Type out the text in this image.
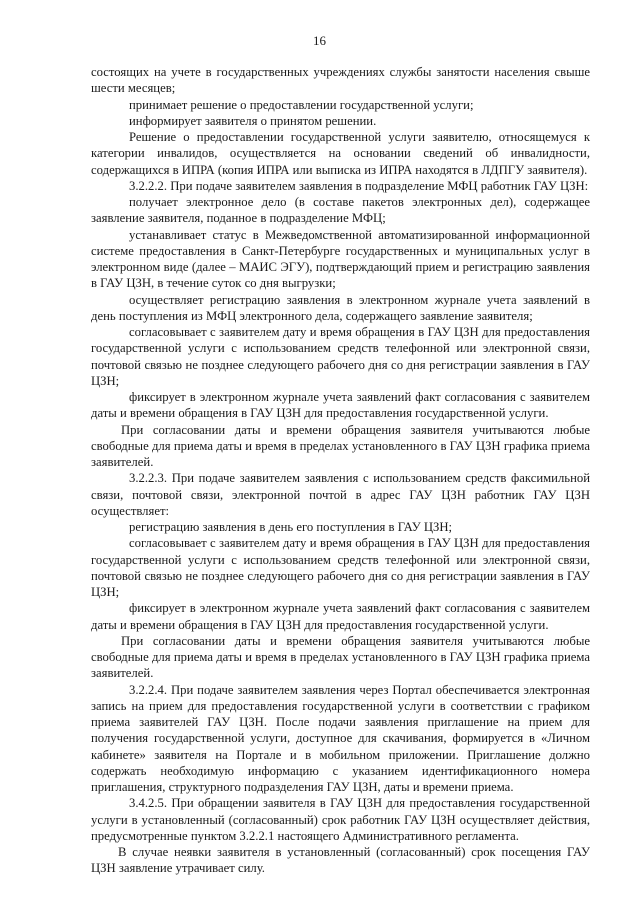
16

состоящих на учете в государственных учреждениях службы занятости населения свыше шести месяцев;

принимает решение о предоставлении государственной услуги;

информирует заявителя о принятом решении.

Решение о предоставлении государственной услуги заявителю, относящемуся к категории инвалидов, осуществляется на основании сведений об инвалидности, содержащихся в ИПРА (копия ИПРА или выписка из ИПРА находятся в ЛДПГУ заявителя).

3.2.2.2. При подаче заявителем заявления в подразделение МФЦ работник ГАУ ЦЗН:

получает электронное дело (в составе пакетов электронных дел), содержащее заявление заявителя, поданное в подразделение МФЦ;

устанавливает статус в Межведомственной автоматизированной информационной системе предоставления в Санкт-Петербурге государственных и муниципальных услуг в электронном виде (далее – МАИС ЭГУ), подтверждающий прием и регистрацию заявления в ГАУ ЦЗН, в течение суток со дня выгрузки;

осуществляет регистрацию заявления в электронном журнале учета заявлений в день поступления из МФЦ электронного дела, содержащего заявление заявителя;

согласовывает с заявителем дату и время обращения в ГАУ ЦЗН для предоставления государственной услуги с использованием средств телефонной или электронной связи, почтовой связью не позднее следующего рабочего дня со дня регистрации заявления в ГАУ ЦЗН;

фиксирует в электронном журнале учета заявлений факт согласования с заявителем даты и времени обращения в ГАУ ЦЗН для предоставления государственной услуги.

При согласовании даты и времени обращения заявителя учитываются любые свободные для приема даты и время в пределах установленного в ГАУ ЦЗН графика приема заявителей.

3.2.2.3. При подаче заявителем заявления с использованием средств факсимильной связи, почтовой связи, электронной почтой в адрес ГАУ ЦЗН работник ГАУ ЦЗН осуществляет:

регистрацию заявления в день его поступления в ГАУ ЦЗН;

согласовывает с заявителем дату и время обращения в ГАУ ЦЗН для предоставления государственной услуги с использованием средств телефонной или электронной связи, почтовой связью не позднее следующего рабочего дня со дня регистрации заявления в ГАУ ЦЗН;

фиксирует в электронном журнале учета заявлений факт согласования с заявителем даты и времени обращения в ГАУ ЦЗН для предоставления государственной услуги.

При согласовании даты и времени обращения заявителя учитываются любые свободные для приема даты и время в пределах установленного в ГАУ ЦЗН графика приема заявителей.

3.2.2.4. При подаче заявителем заявления через Портал обеспечивается электронная запись на прием для предоставления государственной услуги в соответствии с графиком приема заявителей ГАУ ЦЗН. После подачи заявления приглашение на прием для получения государственной услуги, доступное для скачивания, формируется в «Личном кабинете» заявителя на Портале и в мобильном приложении. Приглашение должно содержать необходимую информацию с указанием идентификационного номера приглашения, структурного подразделения ГАУ ЦЗН, даты и времени приема.

3.4.2.5. При обращении заявителя в ГАУ ЦЗН для предоставления государственной услуги в установленный (согласованный) срок работник ГАУ ЦЗН осуществляет действия, предусмотренные пунктом 3.2.2.1 настоящего Административного регламента.

В случае неявки заявителя в установленный (согласованный) срок посещения ГАУ ЦЗН заявление утрачивает силу.
